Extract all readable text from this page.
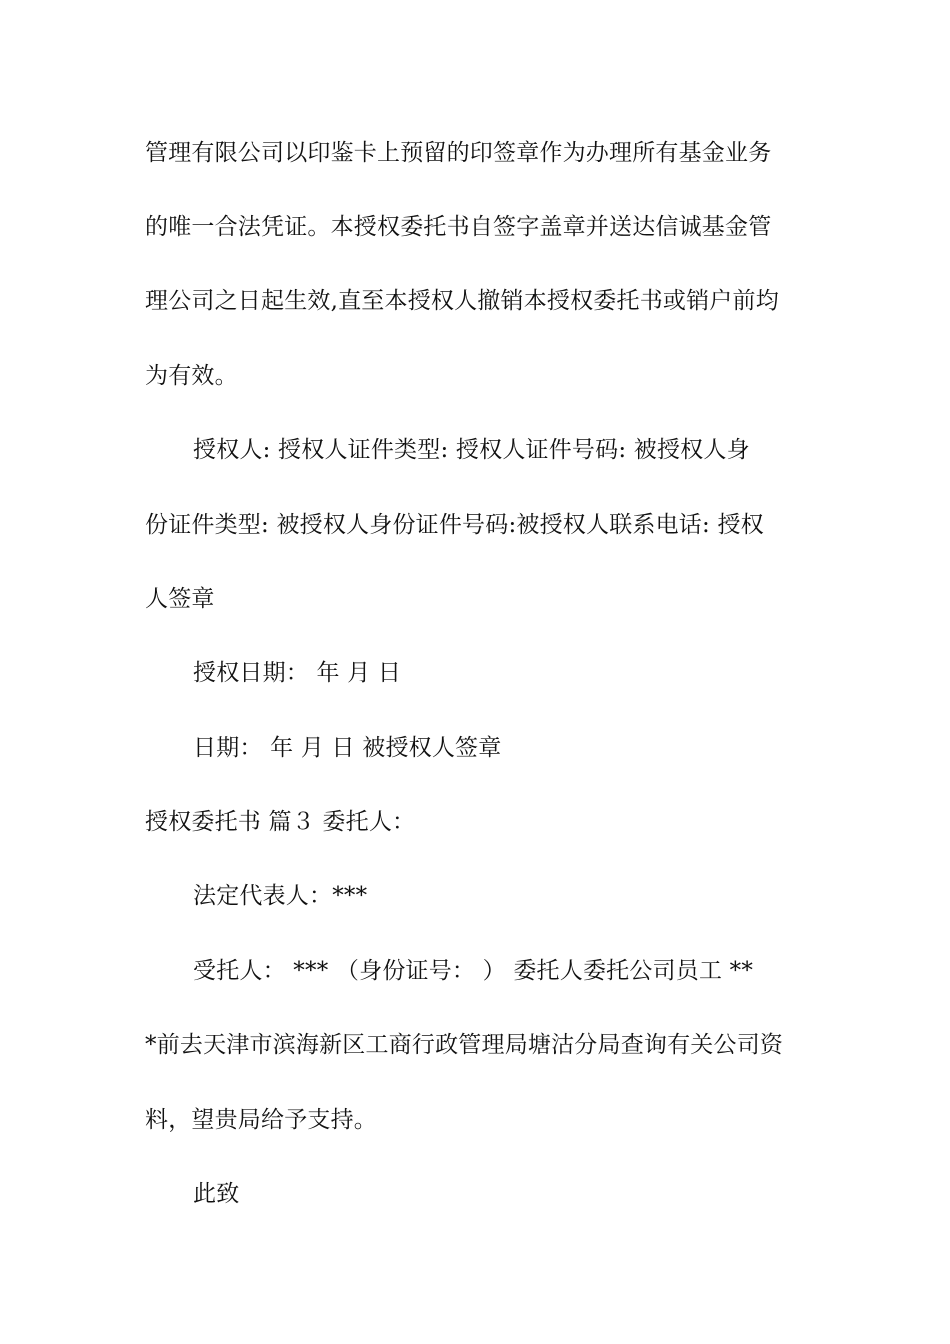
管理有限公司以印鉴卡上预留的印签章作为办理所有基金业务
的唯一合法凭证。本授权委托书自签字盖章并送达信诚基金管
理公司之日起生效,直至本授权人撤销本授权委托书或销户前均
为有效。
授权人: 授权人证件类型: 授权人证件号码: 被授权人身
份证件类型: 被授权人身份证件号码:被授权人联系电话: 授权
人签章
授权日期： 年 月 日
日期： 年 月 日 被授权人签章
授权委托书 篇３ 委托人：
法定代表人：***
受托人： *** （身份证号： ） 委托人委托公司员工 **
*前去天津市滨海新区工商行政管理局塘沽分局查询有关公司资
料，望贵局给予支持。
此致
